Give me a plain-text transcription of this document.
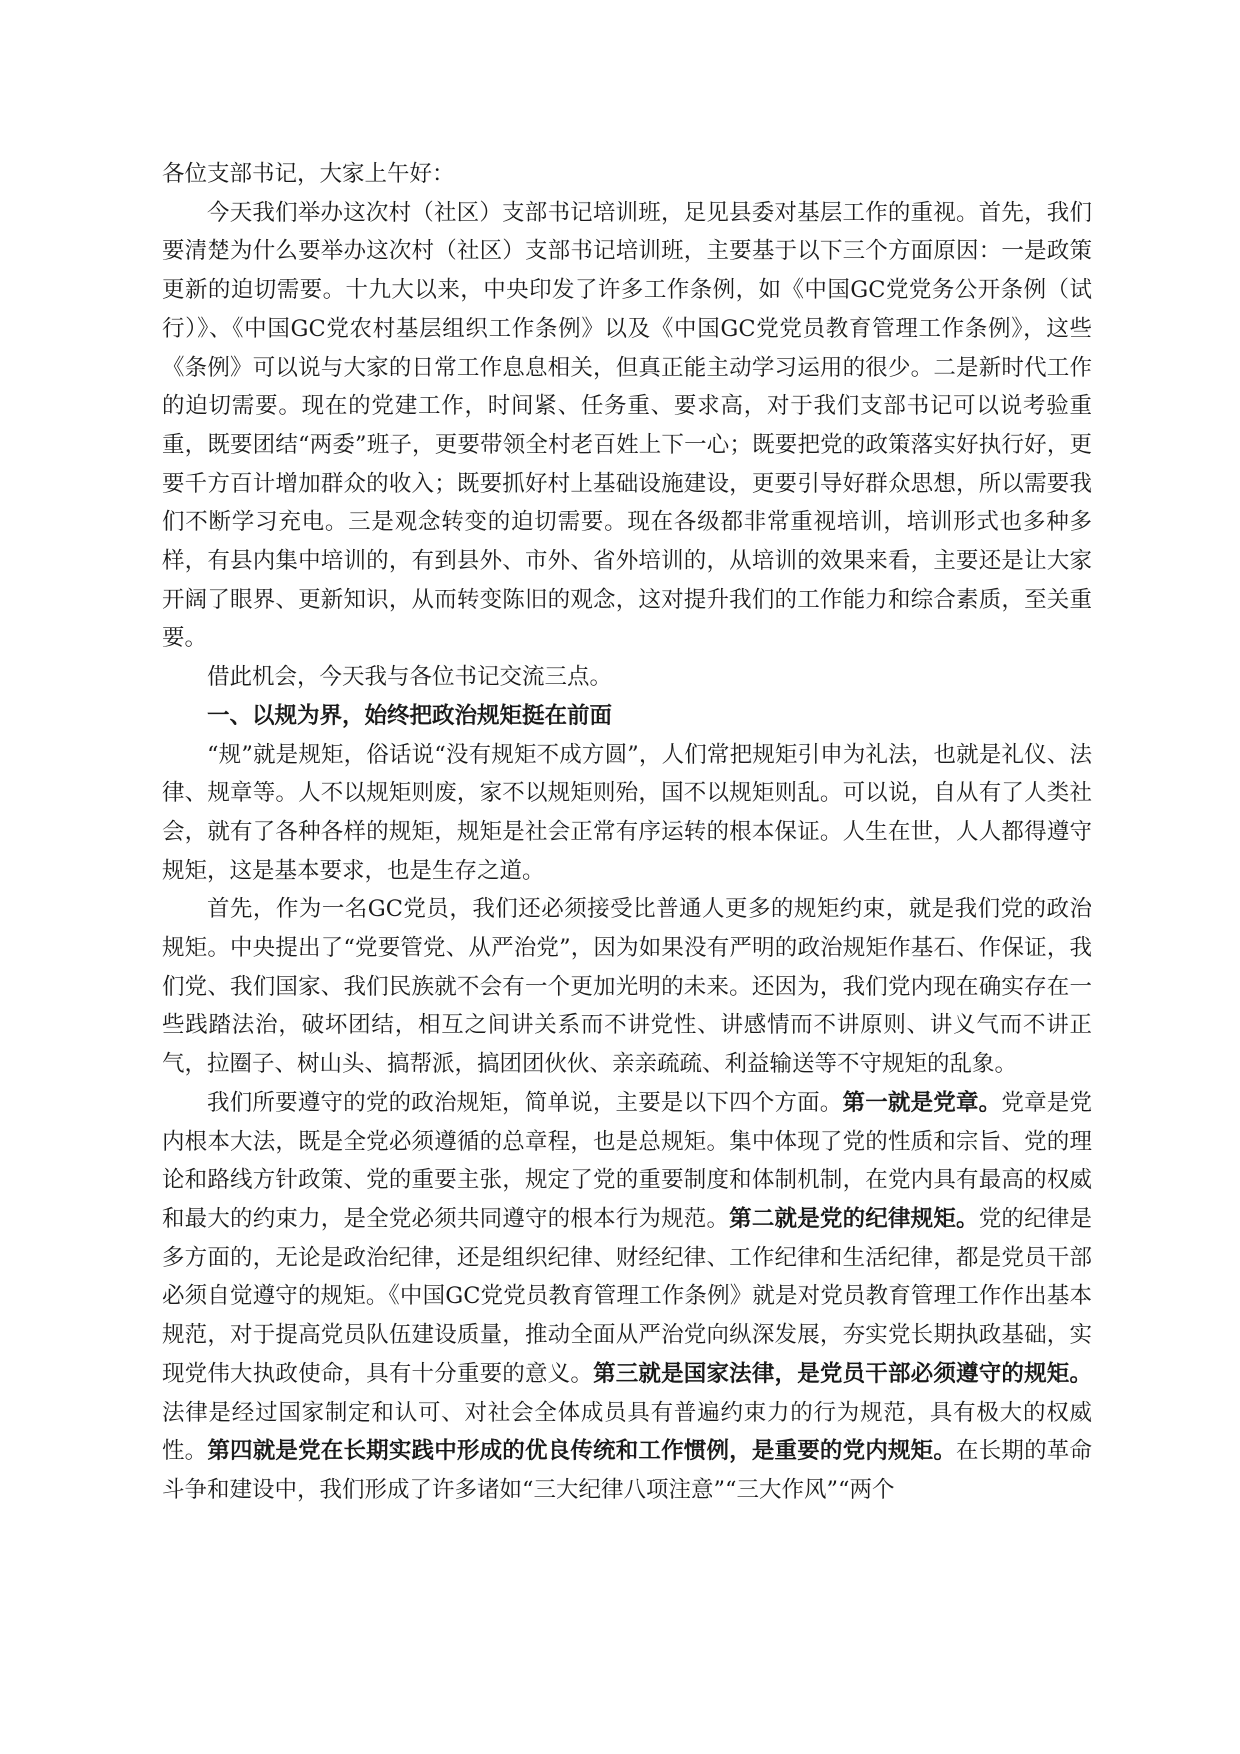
各位支部书记，大家上午好：

今天我们举办这次村（社区）支部书记培训班，足见县委对基层工作的重视。首先，我们要清楚为什么要举办这次村（社区）支部书记培训班，主要基于以下三个方面原因：一是政策更新的迫切需要。十九大以来，中央印发了许多工作条例，如《中国GC党党务公开条例（试行）》、《中国GC党农村基层组织工作条例》以及《中国GC党党员教育管理工作条例》，这些《条例》可以说与大家的日常工作息息相关，但真正能主动学习运用的很少。二是新时代工作的迫切需要。现在的党建工作，时间紧、任务重、要求高，对于我们支部书记可以说考验重重，既要团结“两委”班子，更要带领全村老百姓上下一心；既要把党的政策落实好执行好，更要千方百计增加群众的收入；既要抓好村上基础设施建设，更要引导好群众思想，所以需要我们不断学习充电。三是观念转变的迫切需要。现在各级都非常重视培训，培训形式也多种多样，有县内集中培训的，有到县外、市外、省外培训的，从培训的效果来看，主要还是让大家开阔了眼界、更新知识，从而转变陈旧的观念，这对提升我们的工作能力和综合素质，至关重要。

借此机会，今天我与各位书记交流三点。

一、以规为界，始终把政治规矩挺在前面

“规”就是规矩，俗话说“没有规矩不成方圆”，人们常把规矩引申为礼法，也就是礼仪、法律、规章等。人不以规矩则废，家不以规矩则殆，国不以规矩则乱。可以说，自从有了人类社会，就有了各种各样的规矩，规矩是社会正常有序运转的根本保证。人生在世，人人都得遵守规矩，这是基本要求，也是生存之道。

首先，作为一名GC党员，我们还必须接受比普通人更多的规矩约束，就是我们党的政治规矩。中央提出了“党要管党、从严治党”，因为如果没有严明的政治规矩作基石、作保证，我们党、我们国家、我们民族就不会有一个更加光明的未来。还因为，我们党内现在确实存在一些践踏法治，破坏团结，相互之间讲关系而不讲党性、讲感情而不讲原则、讲义气而不讲正气，拉圈子、树山头、搞帮派，搞团团伙伙、亲亲疏疏、利益输送等不守规矩的乱象。

我们所要遵守的党的政治规矩，简单说，主要是以下四个方面。第一就是党章。党章是党内根本大法，既是全党必须遵循的总章程，也是总规矩。集中体现了党的性质和宗旨、党的理论和路线方针政策、党的重要主张，规定了党的重要制度和体制机制，在党内具有最高的权威和最大的约束力，是全党必须共同遵守的根本行为规范。第二就是党的纪律规矩。党的纪律是多方面的，无论是政治纪律，还是组织纪律、财经纪律、工作纪律和生活纪律，都是党员干部必须自觉遵守的规矩。《中国GC党党员教育管理工作条例》就是对党员教育管理工作作出基本规范，对于提高党员队伍建设质量，推动全面从严治党向纵深发展，夯实党长期执政基础，实现党伟大执政使命，具有十分重要的意义。第三就是国家法律，是党员干部必须遵守的规矩。法律是经过国家制定和认可、对社会全体成员具有普遍约束力的行为规范，具有极大的权威性。第四就是党在长期实践中形成的优良传统和工作惯例，是重要的党内规矩。在长期的革命斗争和建设中，我们形成了许多诸如“三大纪律八项注意”“三大作风”“两个
